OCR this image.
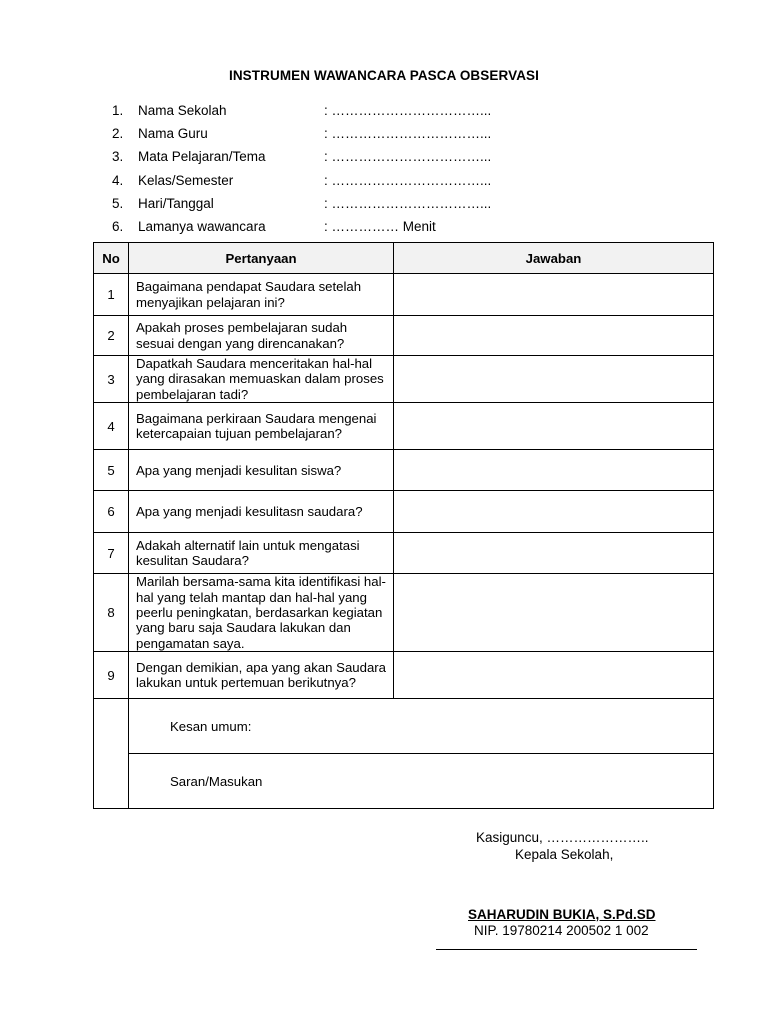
INSTRUMEN WAWANCARA PASCA OBSERVASI
1. Nama Sekolah	: ……………………………...
2. Nama Guru	: ……………………………...
3. Mata Pelajaran/Tema	: ……………………………...
4. Kelas/Semester	: ……………………………...
5. Hari/Tanggal	: ……………………………...
6. Lamanya wawancara	: …………… Menit
No	Pertanyaan	Jawaban
1	Bagaimana pendapat Saudara setelah menyajikan pelajaran ini?	
2	Apakah proses pembelajaran sudah sesuai dengan yang direncanakan?	
3	Dapatkah Saudara menceritakan hal-hal yang dirasakan memuaskan dalam proses pembelajaran tadi?	
4	Bagaimana perkiraan Saudara mengenai ketercapaian tujuan pembelajaran?	
5	Apa yang menjadi kesulitan siswa?	
6	Apa yang menjadi kesulitasn saudara?	
7	Adakah alternatif lain untuk mengatasi kesulitan Saudara?	
8	Marilah bersama-sama kita identifikasi hal-hal yang telah mantap dan hal-hal yang peerlu peningkatan, berdasarkan kegiatan yang baru saja Saudara lakukan dan pengamatan saya.	
9	Dengan demikian, apa yang akan Saudara lakukan untuk pertemuan berikutnya?	
	Kesan umum:	
	Saran/Masukan	
Kasiguncu, …………………..
Kepala Sekolah,
SAHARUDIN BUKIA, S.Pd.SD
NIP. 19780214 200502 1 002
